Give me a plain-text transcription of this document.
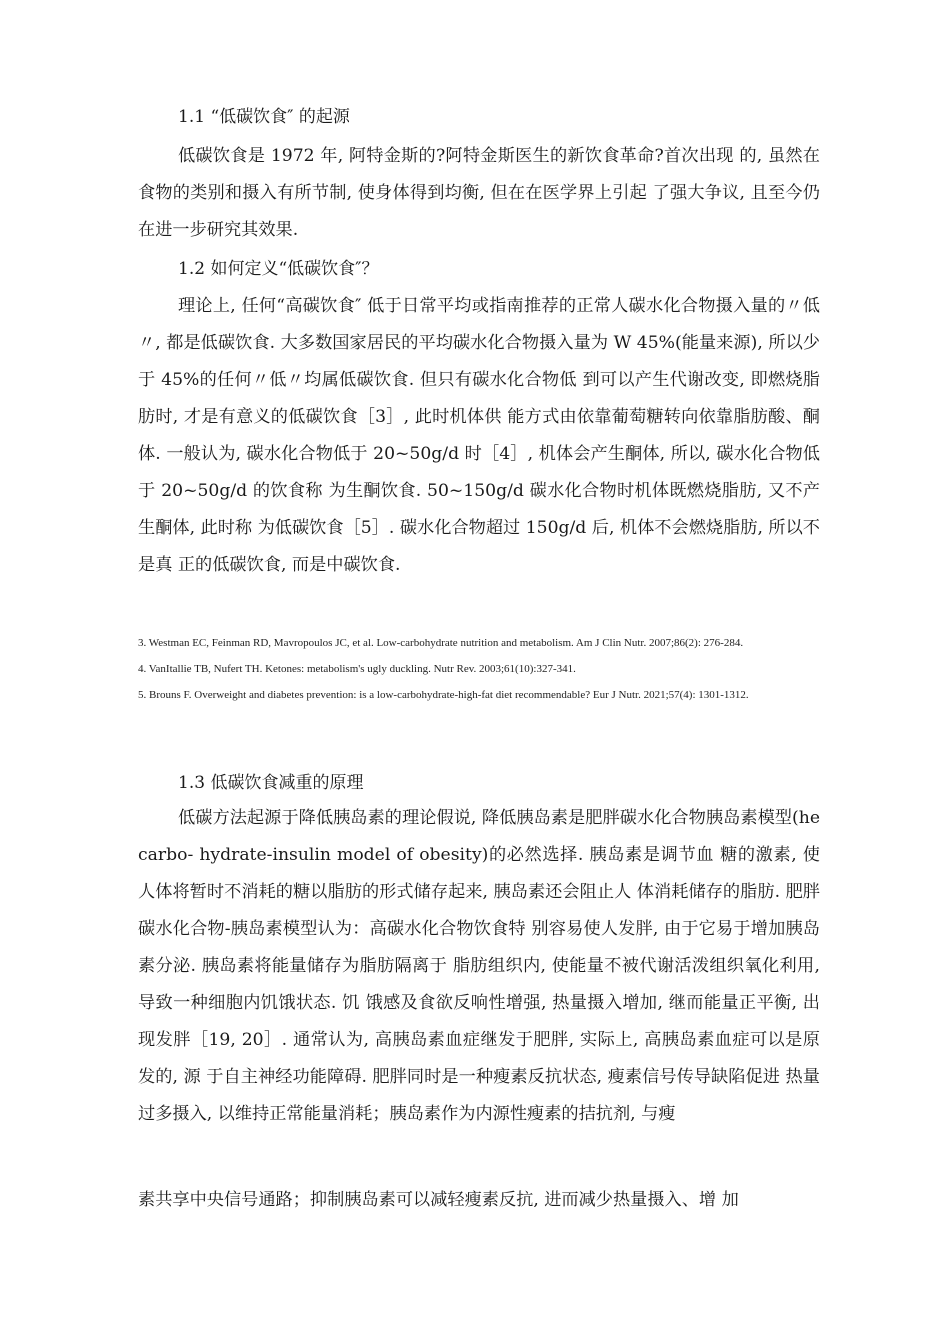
1.1 “低碳饮食″ 的起源

低碳饮食是 1972 年, 阿特金斯的?阿特金斯医生的新饮食革命?首次出现 的, 虽然在食物的类别和摄入有所节制, 使身体得到均衡, 但在在医学界上引起 了强大争议, 且至今仍在进一步研究其效果.

1.2 如何定义“低碳饮食″？

理论上, 任何“高碳饮食″ 低于日常平均或指南推荐的正常人碳水化合物摄入量的〃低〃, 都是低碳饮食. 大多数国家居民的平均碳水化合物摄入量为 W 45%(能量来源), 所以少于 45%的任何〃低〃均属低碳饮食. 但只有碳水化合物低 到可以产生代谢改变, 即燃烧脂肪时, 才是有意义的低碳饮食［3］, 此时机体供 能方式由依靠葡萄糖转向依靠脂肪酸、酮体. 一般认为, 碳水化合物低于 20~50g/d 时［4］, 机体会产生酮体, 所以, 碳水化合物低于 20~50g/d 的饮食称 为生酮饮食. 50~150g/d 碳水化合物时机体既燃烧脂肪, 又不产生酮体, 此时称 为低碳饮食［5］. 碳水化合物超过 150g/d 后, 机体不会燃烧脂肪, 所以不是真 正的低碳饮食, 而是中碳饮食.

3. Westman EC, Feinman RD, Mavropoulos JC, et al. Low-carbohydrate nutrition and metabolism. Am J Clin Nutr. 2007;86(2): 276-284.
4. VanItallie TB, Nufert TH. Ketones: metabolism's ugly duckling. Nutr Rev. 2003;61(10):327-341.
5. Brouns F. Overweight and diabetes prevention: is a low-carbohydrate-high-fat diet recommendable? Eur J Nutr. 2021;57(4): 1301-1312.
1.3 低碳饮食减重的原理

低碳方法起源于降低胰岛素的理论假说, 降低胰岛素是肥胖碳水化合物胰岛素模型(he carbo- hydrate-insulin model of obesity)的必然选择. 胰岛素是调节血 糖的激素, 使人体将暂时不消耗的糖以脂肪的形式储存起来, 胰岛素还会阻止人 体消耗储存的脂肪. 肥胖碳水化合物-胰岛素模型认为：高碳水化合物饮食特 别容易使人发胖, 由于它易于增加胰岛素分泌. 胰岛素将能量储存为脂肪隔离于 脂肪组织内, 使能量不被代谢活泼组织氧化利用, 导致一种细胞内饥饿状态. 饥 饿感及食欲反响性增强, 热量摄入增加, 继而能量正平衡, 出现发胖［19, 20］. 通常认为, 高胰岛素血症继发于肥胖, 实际上, 高胰岛素血症可以是原发的, 源 于自主神经功能障碍. 肥胖同时是一种瘦素反抗状态, 瘦素信号传导缺陷促进 热量过多摄入, 以维持正常能量消耗；胰岛素作为内源性瘦素的拮抗剂, 与瘦

素共享中央信号通路；抑制胰岛素可以减轻瘦素反抗, 进而减少热量摄入、增 加
